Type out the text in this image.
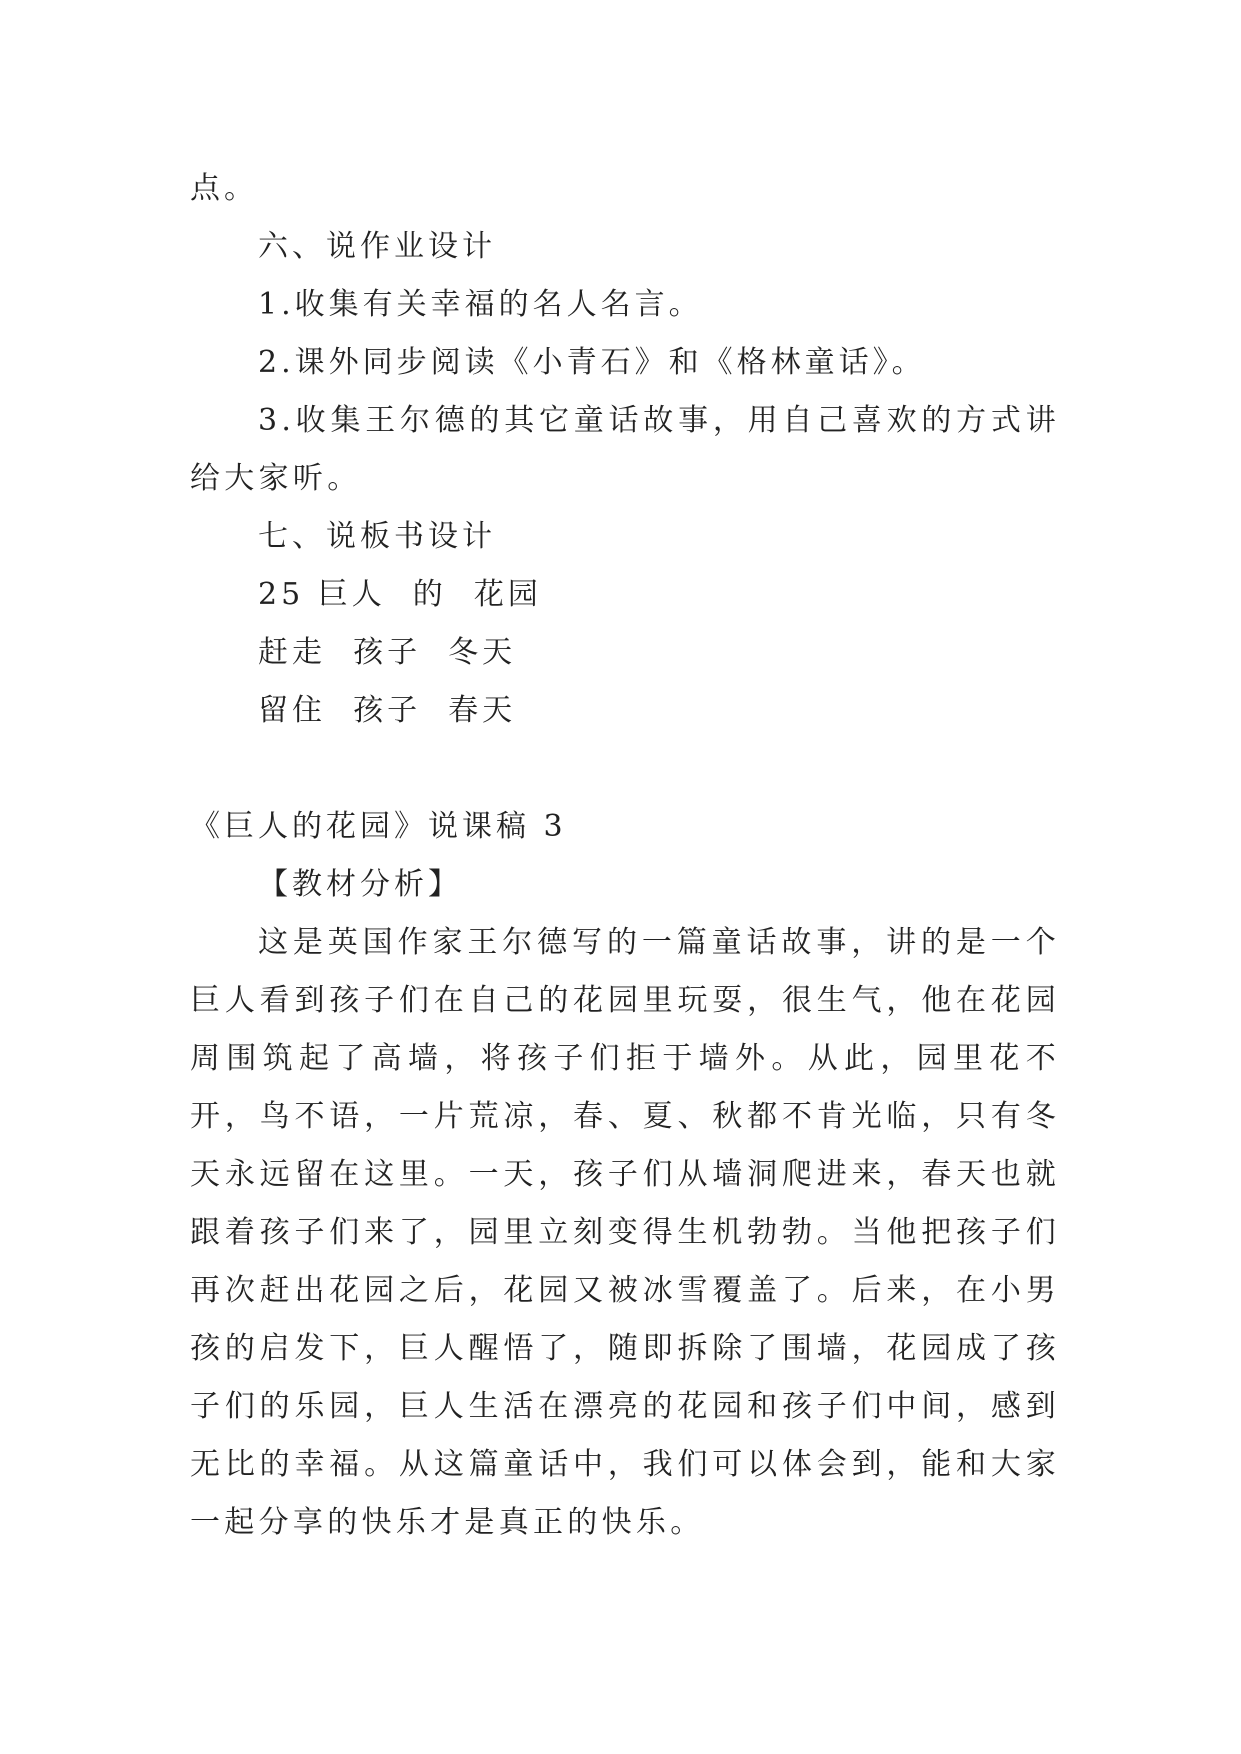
点。
六、说作业设计
1.收集有关幸福的名人名言。
2.课外同步阅读《小青石》和《格林童话》。

3.收集王尔德的其它童话故事，用自己喜欢的方式讲给大家听。

七、说板书设计
25 巨人  的  花园
赶走  孩子  冬天
留住  孩子  春天
《巨人的花园》说课稿 3
【教材分析】

这是英国作家王尔德写的一篇童话故事，讲的是一个巨人看到孩子们在自己的花园里玩耍，很生气，他在花园周围筑起了高墙，将孩子们拒于墙外。从此，园里花不开，鸟不语，一片荒凉，春、夏、秋都不肯光临，只有冬天永远留在这里。一天，孩子们从墙洞爬进来，春天也就跟着孩子们来了，园里立刻变得生机勃勃。当他把孩子们再次赶出花园之后，花园又被冰雪覆盖了。后来，在小男孩的启发下，巨人醒悟了，随即拆除了围墙，花园成了孩子们的乐园，巨人生活在漂亮的花园和孩子们中间，感到无比的幸福。从这篇童话中，我们可以体会到，能和大家一起分享的快乐才是真正的快乐。
